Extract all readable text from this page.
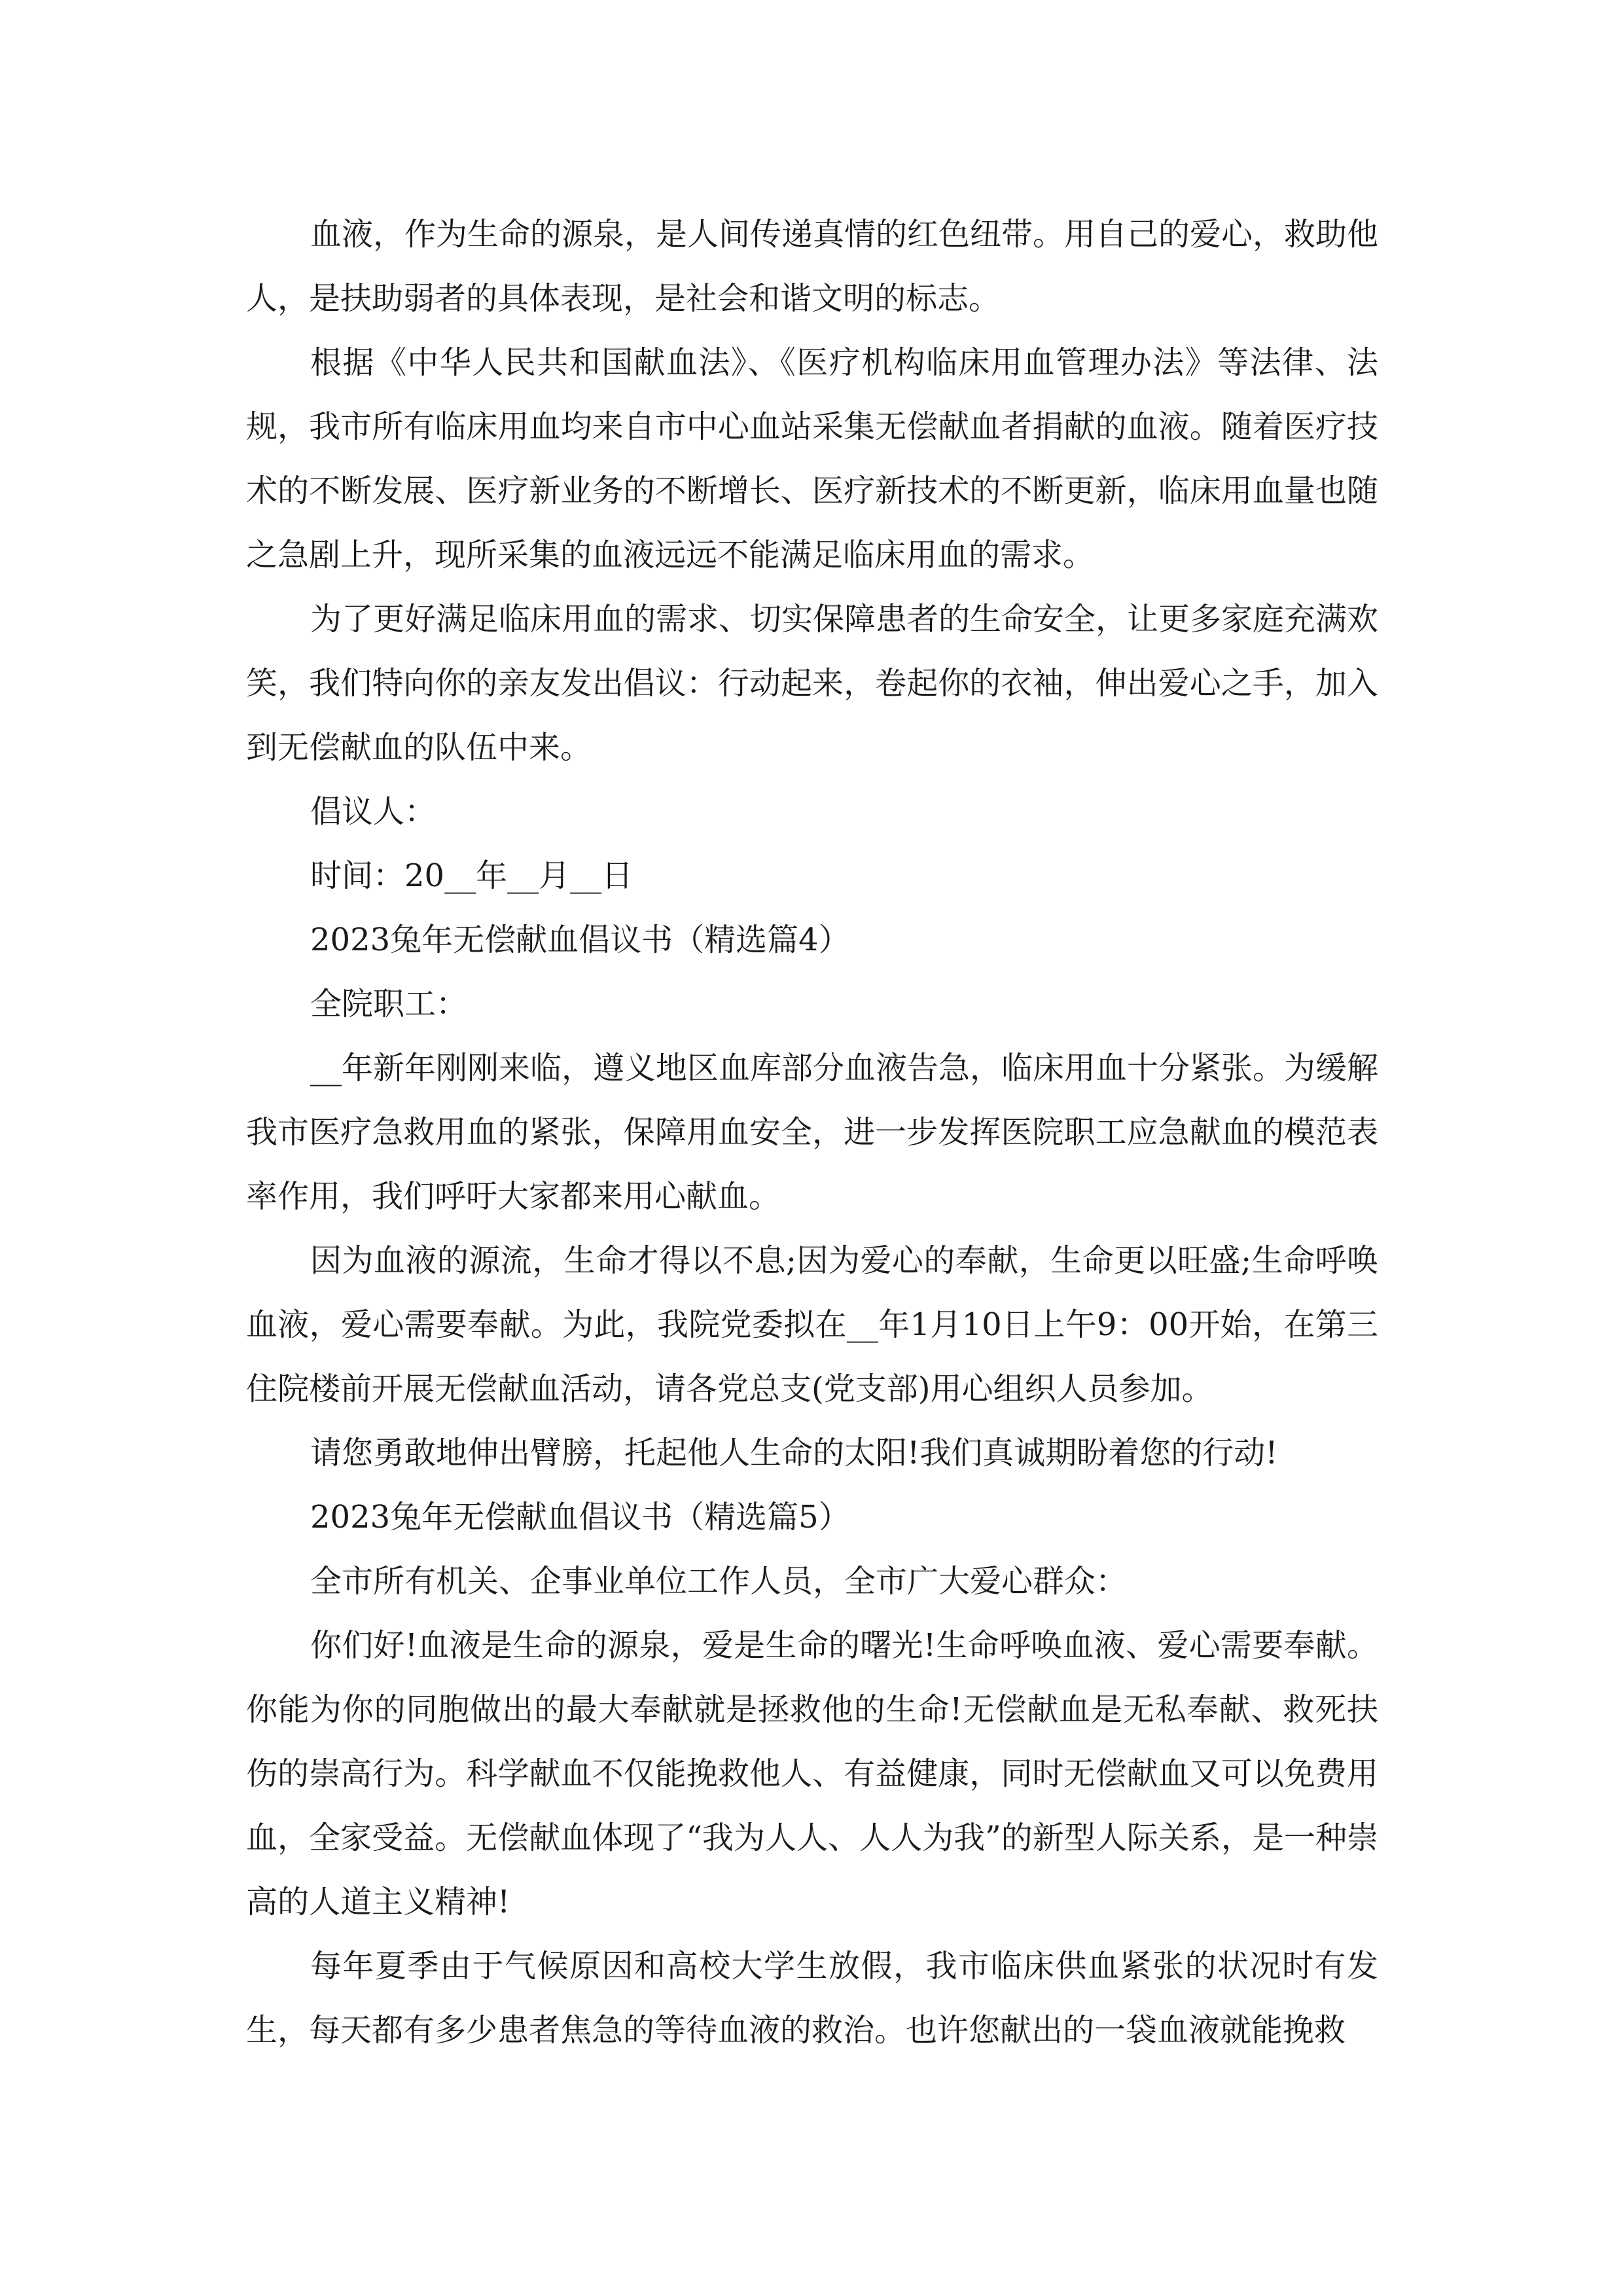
血液，作为生命的源泉，是人间传递真情的红色纽带。用自己的爱心，救助他人，是扶助弱者的具体表现，是社会和谐文明的标志。

根据《中华人民共和国献血法》、《医疗机构临床用血管理办法》等法律、法规，我市所有临床用血均来自市中心血站采集无偿献血者捐献的血液。随着医疗技术的不断发展、医疗新业务的不断增长、医疗新技术的不断更新，临床用血量也随之急剧上升，现所采集的血液远远不能满足临床用血的需求。

为了更好满足临床用血的需求、切实保障患者的生命安全，让更多家庭充满欢笑，我们特向你的亲友发出倡议：行动起来，卷起你的衣袖，伸出爱心之手，加入到无偿献血的队伍中来。

倡议人：

时间：20__年__月__日

2023兔年无偿献血倡议书（精选篇4）

全院职工：

__年新年刚刚来临，遵义地区血库部分血液告急，临床用血十分紧张。为缓解我市医疗急救用血的紧张，保障用血安全，进一步发挥医院职工应急献血的模范表率作用，我们呼吁大家都来用心献血。

因为血液的源流，生命才得以不息;因为爱心的奉献，生命更以旺盛;生命呼唤血液，爱心需要奉献。为此，我院党委拟在__年1月10日上午9：00开始，在第三住院楼前开展无偿献血活动，请各党总支(党支部)用心组织人员参加。

请您勇敢地伸出臂膀，托起他人生命的太阳!我们真诚期盼着您的行动!

2023兔年无偿献血倡议书（精选篇5）

全市所有机关、企事业单位工作人员，全市广大爱心群众：

你们好!血液是生命的源泉，爱是生命的曙光!生命呼唤血液、爱心需要奉献。你能为你的同胞做出的最大奉献就是拯救他的生命!无偿献血是无私奉献、救死扶伤的崇高行为。科学献血不仅能挽救他人、有益健康，同时无偿献血又可以免费用血，全家受益。无偿献血体现了“我为人人、人人为我”的新型人际关系，是一种崇高的人道主义精神!

每年夏季由于气候原因和高校大学生放假，我市临床供血紧张的状况时有发生，每天都有多少患者焦急的等待血液的救治。也许您献出的一袋血液就能挽救
